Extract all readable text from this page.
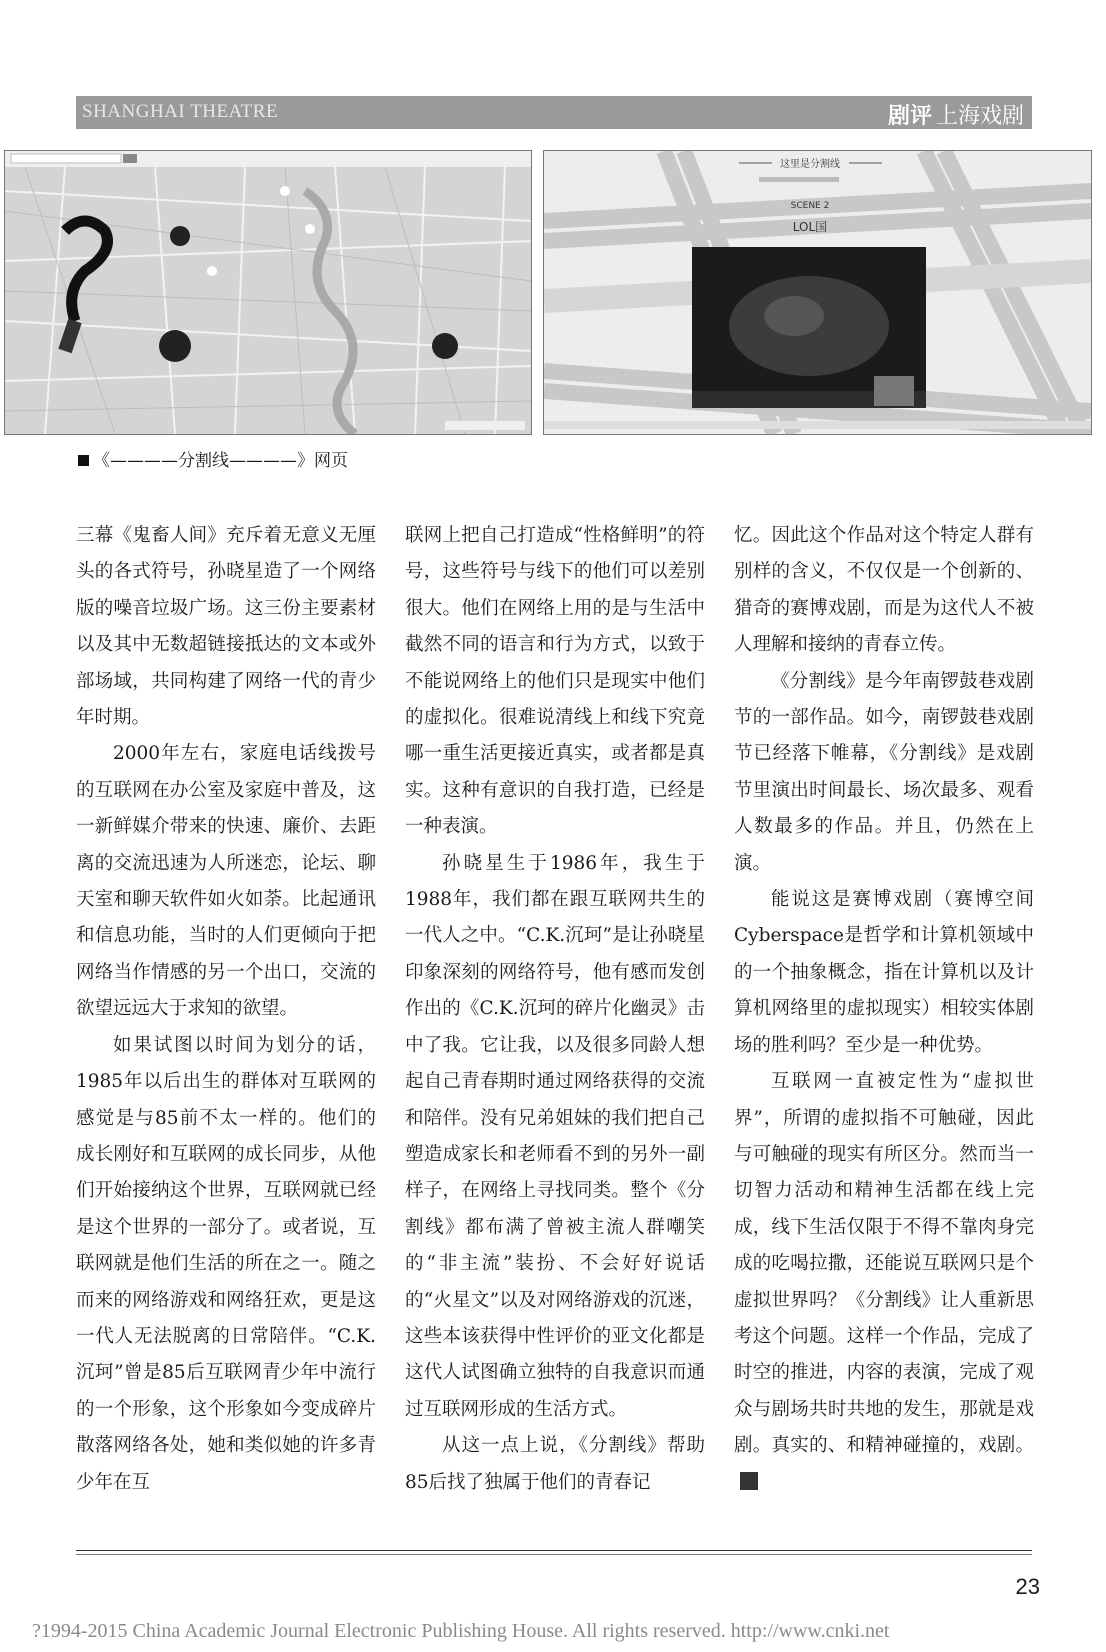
SHANGHAI THEATRE	剧评 上海戏剧
这里是分割线
SCENE 2
LOL国
《————分割线————》网页

三幕《鬼畜人间》充斥着无意义无厘头的各式符号，孙晓星造了一个网络版的噪音垃圾广场。这三份主要素材以及其中无数超链接抵达的文本或外部场域，共同构建了网络一代的青少年时期。

2000年左右，家庭电话线拨号的互联网在办公室及家庭中普及，这一新鲜媒介带来的快速、廉价、去距离的交流迅速为人所迷恋，论坛、聊天室和聊天软件如火如荼。比起通讯和信息功能，当时的人们更倾向于把网络当作情感的另一个出口，交流的欲望远远大于求知的欲望。

如果试图以时间为划分的话，1985年以后出生的群体对互联网的感觉是与85前不太一样的。他们的成长刚好和互联网的成长同步，从他们开始接纳这个世界，互联网就已经是这个世界的一部分了。或者说，互联网就是他们生活的所在之一。随之而来的网络游戏和网络狂欢，更是这一代人无法脱离的日常陪伴。“C.K.沉珂”曾是85后互联网青少年中流行的一个形象，这个形象如今变成碎片散落网络各处，她和类似她的许多青少年在互

联网上把自己打造成“性格鲜明”的符号，这些符号与线下的他们可以差别很大。他们在网络上用的是与生活中截然不同的语言和行为方式，以致于不能说网络上的他们只是现实中他们的虚拟化。很难说清线上和线下究竟哪一重生活更接近真实，或者都是真实。这种有意识的自我打造，已经是一种表演。

孙晓星生于1986年，我生于1988年，我们都在跟互联网共生的一代人之中。“C.K.沉珂”是让孙晓星印象深刻的网络符号，他有感而发创作出的《C.K.沉珂的碎片化幽灵》击中了我。它让我，以及很多同龄人想起自己青春期时通过网络获得的交流和陪伴。没有兄弟姐妹的我们把自己塑造成家长和老师看不到的另外一副样子，在网络上寻找同类。整个《分割线》都布满了曾被主流人群嘲笑的“非主流”装扮、不会好好说话的“火星文”以及对网络游戏的沉迷，这些本该获得中性评价的亚文化都是这代人试图确立独特的自我意识而通过互联网形成的生活方式。

从这一点上说，《分割线》帮助85后找了独属于他们的青春记

忆。因此这个作品对这个特定人群有别样的含义，不仅仅是一个创新的、猎奇的赛博戏剧，而是为这代人不被人理解和接纳的青春立传。

《分割线》是今年南锣鼓巷戏剧节的一部作品。如今，南锣鼓巷戏剧节已经落下帷幕，《分割线》是戏剧节里演出时间最长、场次最多、观看人数最多的作品。并且，仍然在上演。

能说这是赛博戏剧（赛博空间Cyberspace是哲学和计算机领域中的一个抽象概念，指在计算机以及计算机网络里的虚拟现实）相较实体剧场的胜利吗？至少是一种优势。

互联网一直被定性为“虚拟世界”，所谓的虚拟指不可触碰，因此与可触碰的现实有所区分。然而当一切智力活动和精神生活都在线上完成，线下生活仅限于不得不靠肉身完成的吃喝拉撒，还能说互联网只是个虚拟世界吗？《分割线》让人重新思考这个问题。这样一个作品，完成了时空的推进，内容的表演，完成了观众与剧场共时共地的发生，那就是戏剧。真实的、和精神碰撞的，戏剧。

23
?1994-2015 China Academic Journal Electronic Publishing House. All rights reserved. http://www.cnki.net
